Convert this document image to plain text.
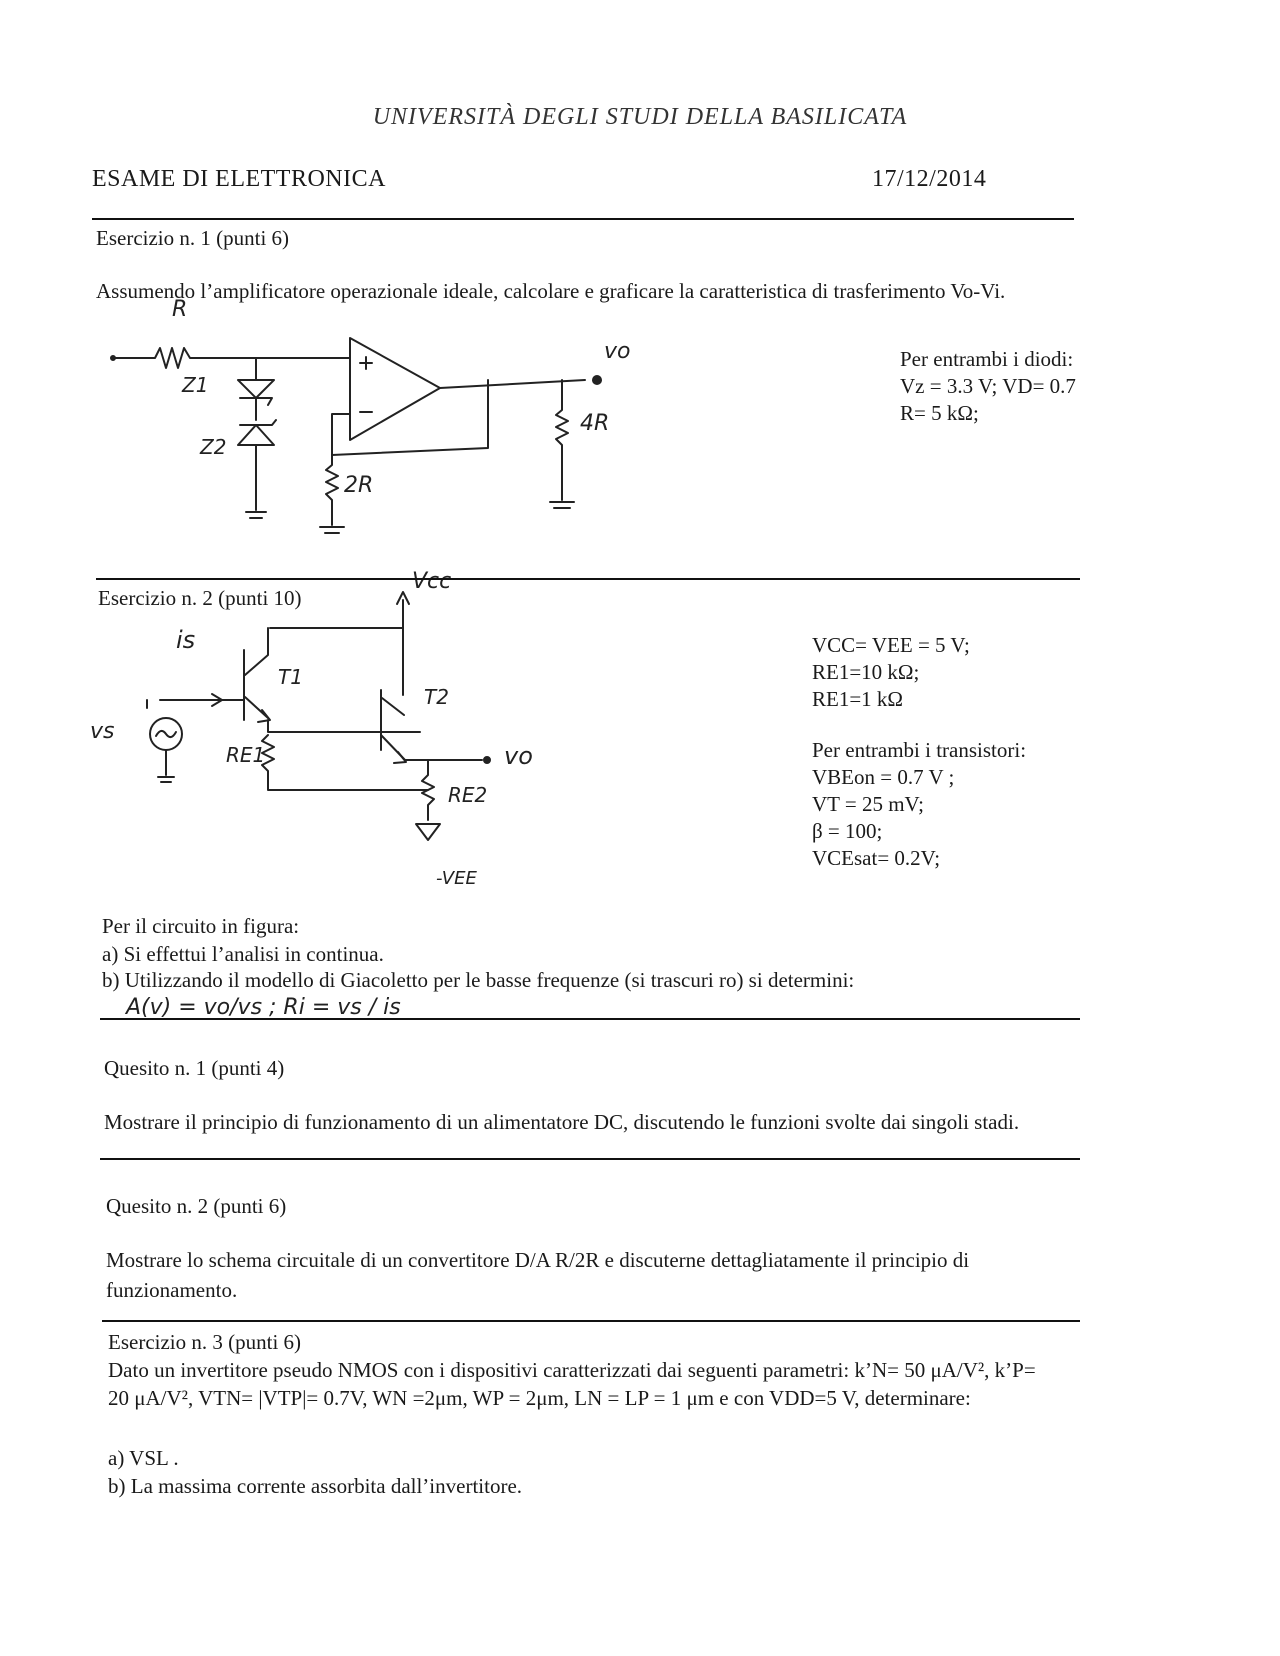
UNIVERSITÀ DEGLI STUDI DELLA BASILICATA
ESAME DI ELETTRONICA	17/12/2014
Esercizio n. 1 (punti 6)
Assumendo l’amplificatore operazionale ideale, calcolare e graficare la caratteristica di trasferimento Vo-Vi.
R
Z1
Z2
2R
4R
vo
Vcc
is
vs
T1
T2
RE1
RE2
vo
-VEE
Per entrambi i diodi:
Vz = 3.3 V; VD= 0.7
R= 5 kΩ;
Esercizio n. 2 (punti 10)
VCC= VEE = 5 V;
RE1=10 kΩ;
RE1=1 kΩ
Per entrambi i transistori:
VBEon = 0.7 V ;
VT = 25 mV;
β = 100;
VCEsat= 0.2V;
Per il circuito in figura:
a) Si effettui l’analisi in continua.
b) Utilizzando il modello di Giacoletto per le basse frequenze (si trascuri ro) si determini:
A(v) = vo/vs ; Ri = vs / is
Quesito n. 1 (punti 4)
Mostrare il principio di funzionamento di un alimentatore DC, discutendo le funzioni svolte dai singoli stadi.
Quesito n. 2 (punti 6)
Mostrare lo schema circuitale di un convertitore D/A R/2R e discuterne dettagliatamente il principio di
funzionamento.
Esercizio n. 3 (punti 6)
Dato un invertitore pseudo NMOS con i dispositivi caratterizzati dai seguenti parametri: k’N= 50 μA/V², k’P=
20 μA/V², VTN= |VTP|= 0.7V, WN =2μm, WP = 2μm, LN = LP = 1 μm e con VDD=5 V, determinare:
a) VSL .
b) La massima corrente assorbita dall’invertitore.
